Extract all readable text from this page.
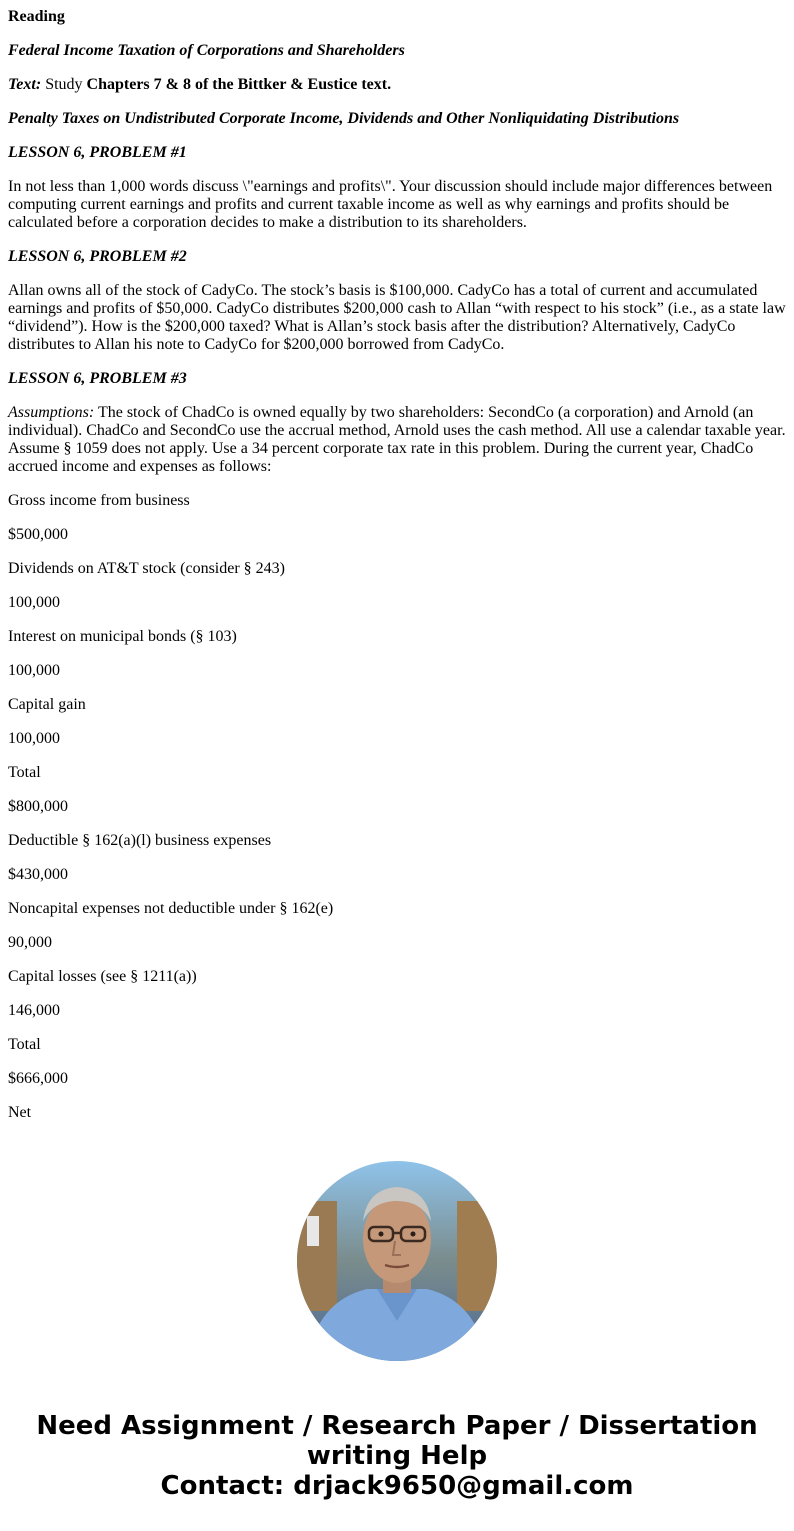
Reading

Federal Income Taxation of Corporations and Shareholders

Text: Study Chapters 7 & 8 of the Bittker & Eustice text.

Penalty Taxes on Undistributed Corporate Income, Dividends and Other Nonliquidating Distributions

LESSON 6, PROBLEM #1

In not less than 1,000 words discuss \"earnings and profits\". Your discussion should include major differences between computing current earnings and profits and current taxable income as well as why earnings and profits should be calculated before a corporation decides to make a distribution to its shareholders.

LESSON 6, PROBLEM #2

Allan owns all of the stock of CadyCo. The stock’s basis is $100,000. CadyCo has a total of current and accumulated earnings and profits of $50,000. CadyCo distributes $200,000 cash to Allan “with respect to his stock” (i.e., as a state law “dividend”). How is the $200,000 taxed? What is Allan’s stock basis after the distribution? Alternatively, CadyCo distributes to Allan his note to CadyCo for $200,000 borrowed from CadyCo.

LESSON 6, PROBLEM #3

Assumptions: The stock of ChadCo is owned equally by two shareholders: SecondCo (a corporation) and Arnold (an individual). ChadCo and SecondCo use the accrual method, Arnold uses the cash method. All use a calendar taxable year. Assume § 1059 does not apply. Use a 34 percent corporate tax rate in this problem. During the current year, ChadCo accrued income and expenses as follows:

Gross income from business

$500,000

Dividends on AT&T stock (consider § 243)

100,000

Interest on municipal bonds (§ 103)

100,000

Capital gain

100,000

Total

$800,000

Deductible § 162(a)(l) business expenses

$430,000

Noncapital expenses not deductible under § 162(e)

90,000

Capital losses (see § 1211(a))

146,000

Total

$666,000

Net

Need Assignment / Research Paper / Dissertation
writing Help
Contact: drjack9650@gmail.com
